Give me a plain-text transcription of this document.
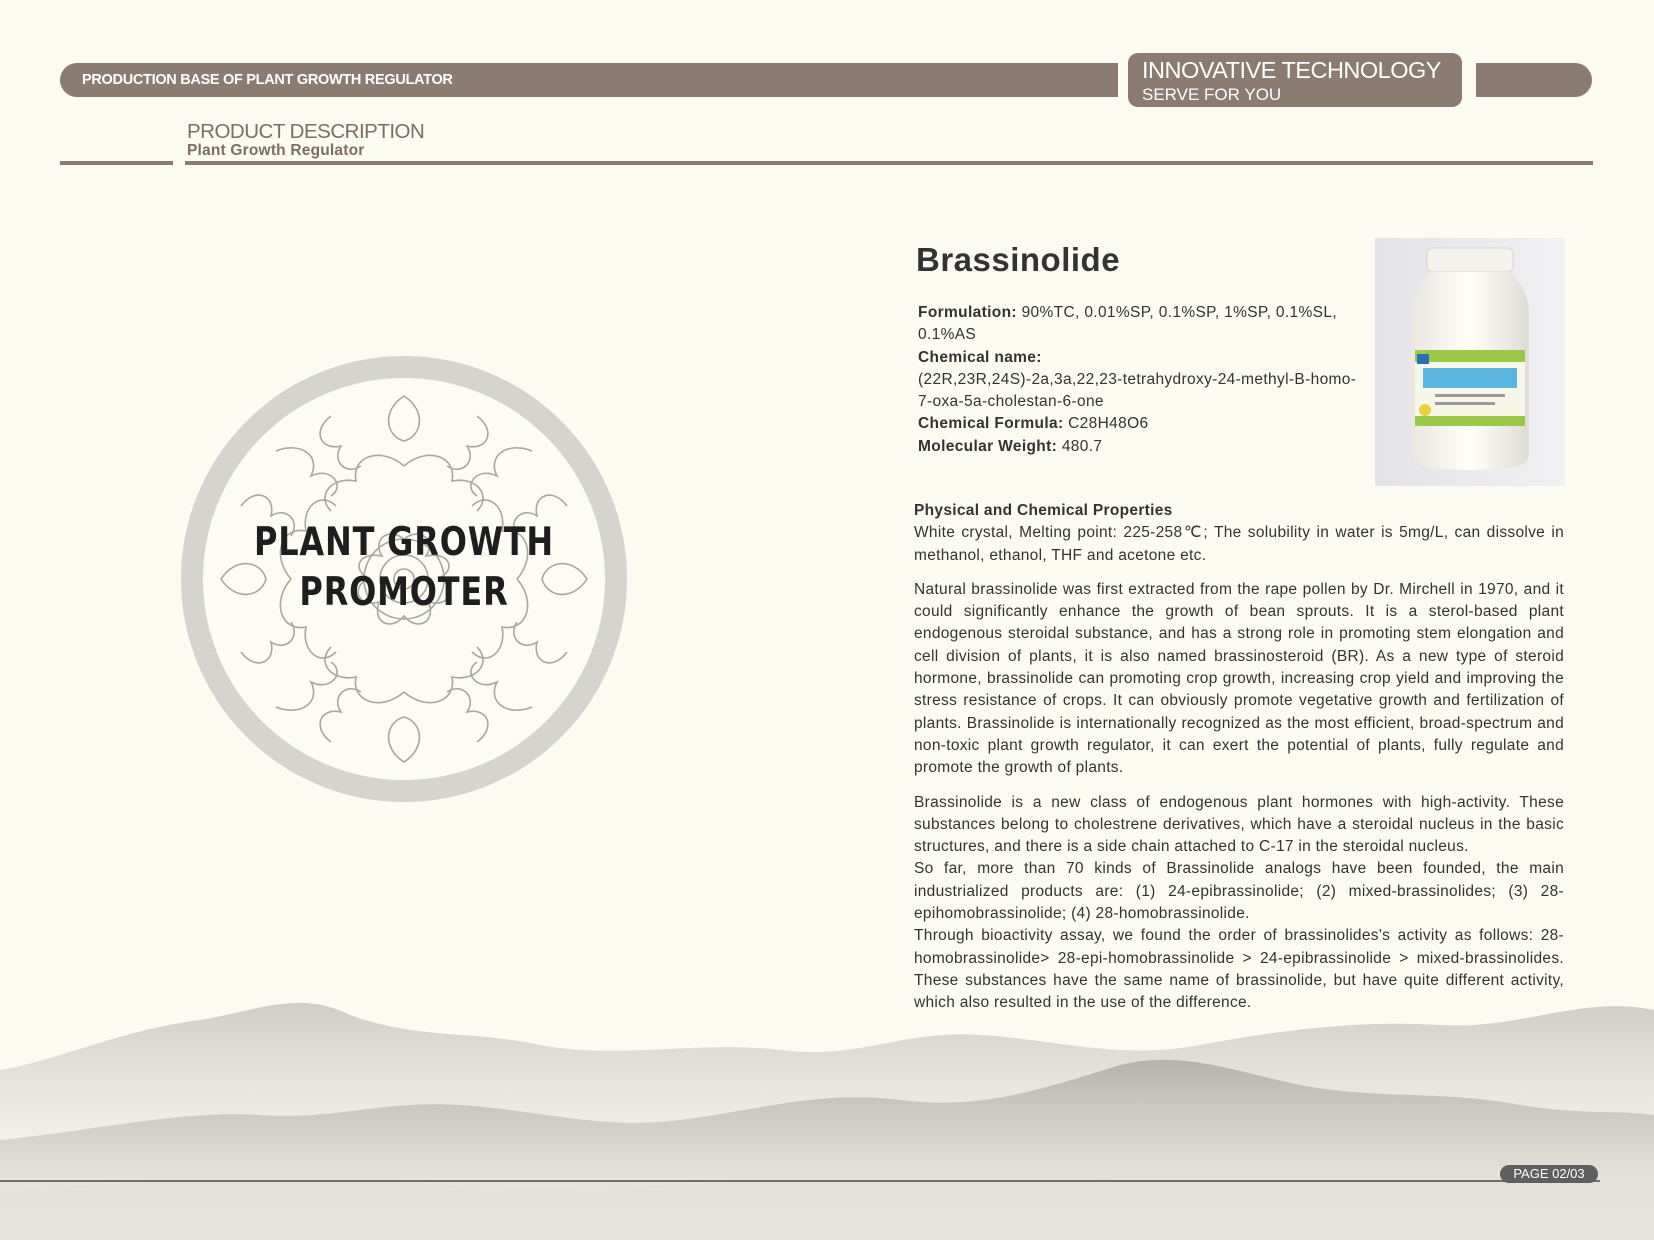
PRODUCTION BASE OF PLANT GROWTH REGULATOR	INNOVATIVE TECHNOLOGY
SERVE FOR YOU
PRODUCT DESCRIPTION
Plant Growth Regulator

PLANT GROWTH
PROMOTER

Brassinolide
Formulation: 90%TC, 0.01%SP, 0.1%SP, 1%SP, 0.1%SL, 0.1%AS
Chemical name:
(22R,23R,24S)-2a,3a,22,23-tetrahydroxy-24-methyl-B-homo-7-oxa-5a-cholestan-6-one
Chemical Formula: C28H48O6
Molecular Weight: 480.7

Physical and Chemical Properties

White crystal, Melting point: 225-258℃; The solubility in water is 5mg/L, can dissolve in methanol, ethanol, THF and acetone etc.

Natural brassinolide was first extracted from the rape pollen by Dr. Mirchell in 1970, and it could significantly enhance the growth of bean sprouts. It is a sterol-based plant endogenous steroidal substance, and has a strong role in promoting stem elongation and cell division of plants, it is also named brassinosteroid (BR). As a new type of steroid hormone, brassinolide can promoting crop growth, increasing crop yield and improving the stress resistance of crops. It can obviously promote vegetative growth and fertilization of plants. Brassinolide is internationally recognized as the most efficient, broad-spectrum and non-toxic plant growth regulator, it can exert the potential of plants, fully regulate and promote the growth of plants.

Brassinolide is a new class of endogenous plant hormones with high-activity. These substances belong to cholestrene derivatives, which have a steroidal nucleus in the basic structures, and there is a side chain attached to C-17 in the steroidal nucleus.

So far, more than 70 kinds of Brassinolide analogs have been founded, the main industrialized products are: (1) 24-epibrassinolide; (2) mixed-brassinolides; (3) 28-epihomobrassinolide; (4) 28-homobrassinolide.

Through bioactivity assay, we found the order of brassinolides's activity as follows: 28-homobrassinolide> 28-epi-homobrassinolide > 24-epibrassinolide > mixed-brassinolides. These substances have the same name of brassinolide, but have quite different activity, which also resulted in the use of the difference.

PAGE 02/03
